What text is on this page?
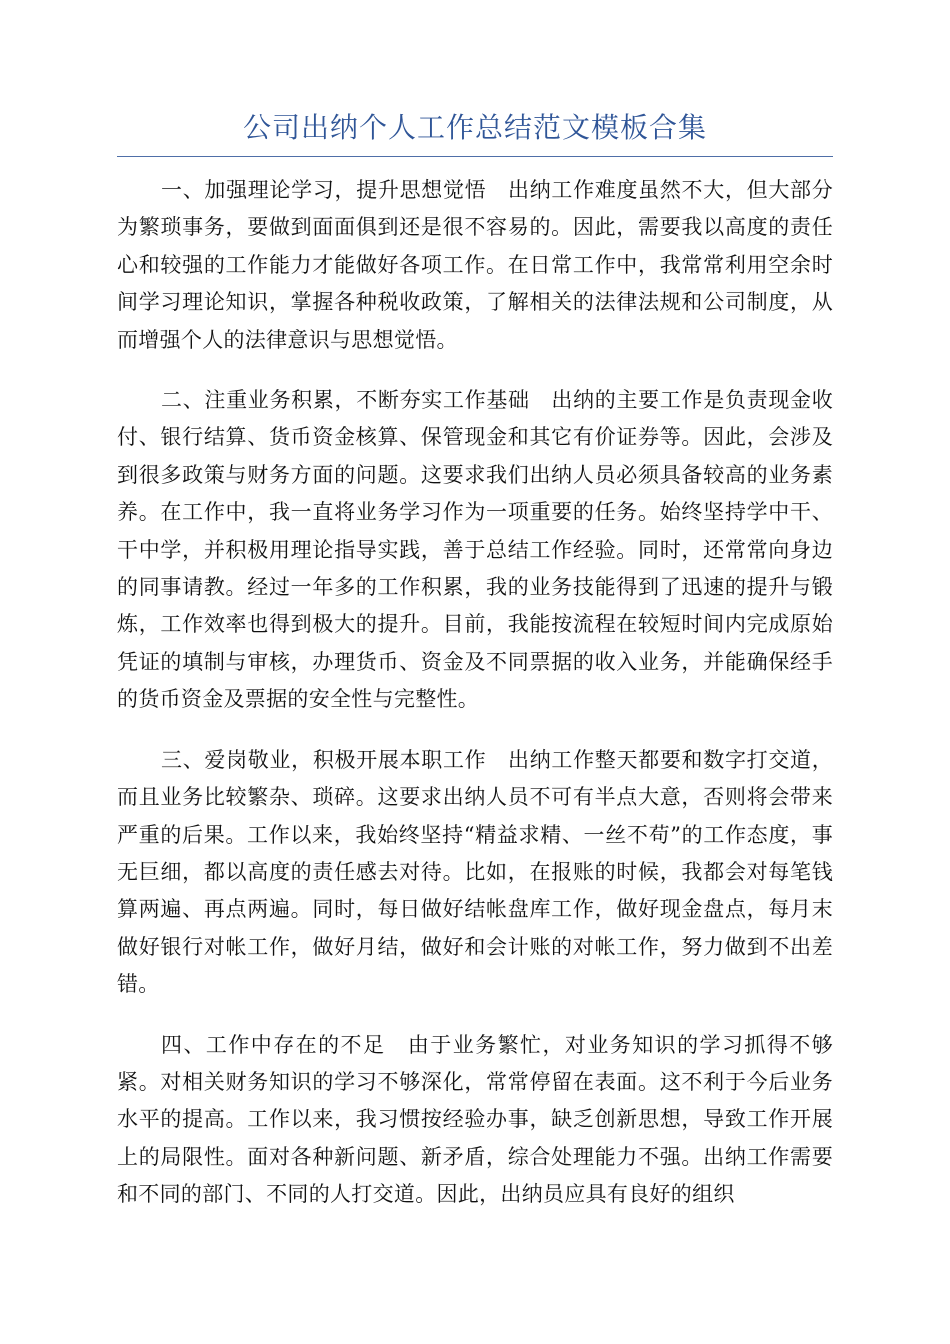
公司出纳个人工作总结范文模板合集

一、加强理论学习，提升思想觉悟　出纳工作难度虽然不大，但大部分为繁琐事务，要做到面面俱到还是很不容易的。因此，需要我以高度的责任心和较强的工作能力才能做好各项工作。在日常工作中，我常常利用空余时间学习理论知识，掌握各种税收政策，了解相关的法律法规和公司制度，从而增强个人的法律意识与思想觉悟。

二、注重业务积累，不断夯实工作基础　出纳的主要工作是负责现金收付、银行结算、货币资金核算、保管现金和其它有价证券等。因此，会涉及到很多政策与财务方面的问题。这要求我们出纳人员必须具备较高的业务素养。在工作中，我一直将业务学习作为一项重要的任务。始终坚持学中干、干中学，并积极用理论指导实践，善于总结工作经验。同时，还常常向身边的同事请教。经过一年多的工作积累，我的业务技能得到了迅速的提升与锻炼，工作效率也得到极大的提升。目前，我能按流程在较短时间内完成原始凭证的填制与审核，办理货币、资金及不同票据的收入业务，并能确保经手的货币资金及票据的安全性与完整性。

三、爱岗敬业，积极开展本职工作　出纳工作整天都要和数字打交道，而且业务比较繁杂、琐碎。这要求出纳人员不可有半点大意，否则将会带来严重的后果。工作以来，我始终坚持“精益求精、一丝不苟”的工作态度，事无巨细，都以高度的责任感去对待。比如，在报账的时候，我都会对每笔钱算两遍、再点两遍。同时，每日做好结帐盘库工作，做好现金盘点，每月末做好银行对帐工作，做好月结，做好和会计账的对帐工作，努力做到不出差错。

四、工作中存在的不足　由于业务繁忙，对业务知识的学习抓得不够紧。对相关财务知识的学习不够深化，常常停留在表面。这不利于今后业务水平的提高。工作以来，我习惯按经验办事，缺乏创新思想，导致工作开展上的局限性。面对各种新问题、新矛盾，综合处理能力不强。出纳工作需要和不同的部门、不同的人打交道。因此，出纳员应具有良好的组织
